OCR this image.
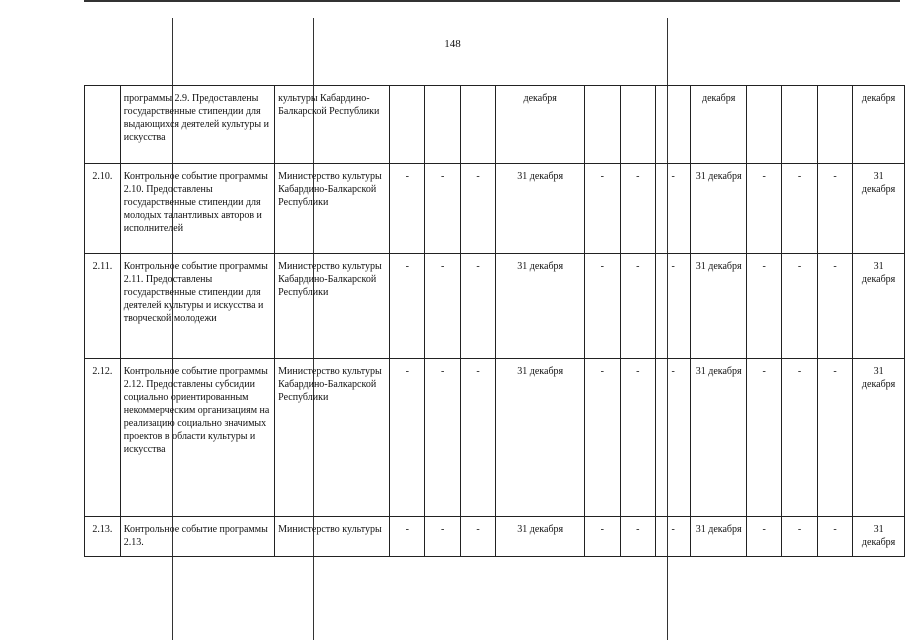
148
	программы 2.9. Предоставлены государственные стипендии для выдающихся деятелей культуры и искусства	культуры Кабардино-Балкарской Республики				декабря				декабря				декабря
2.10.	Контрольное событие программы 2.10. Предоставлены государственные стипендии для молодых талантливых авторов и исполнителей	Министерство культуры Кабардино-Балкарской Республики	-	-	-	31 декабря	-	-	-	31 декабря	-	-	-	31 декабря
2.11.	Контрольное событие программы 2.11. Предоставлены государственные стипендии для деятелей культуры и искусства и творческой молодежи	Министерство культуры Кабардино-Балкарской Республики	-	-	-	31 декабря	-	-	-	31 декабря	-	-	-	31 декабря
2.12.	Контрольное событие программы 2.12. Предоставлены субсидии социально ориентированным некоммерческим организациям на реализацию социально значимых проектов в области культуры и искусства	Министерство культуры Кабардино-Балкарской Республики	-	-	-	31 декабря	-	-	-	31 декабря	-	-	-	31 декабря
2.13.	Контрольное событие программы 2.13.	Министерство культуры	-	-	-	31 декабря	-	-	-	31 декабря	-	-	-	31 декабря
